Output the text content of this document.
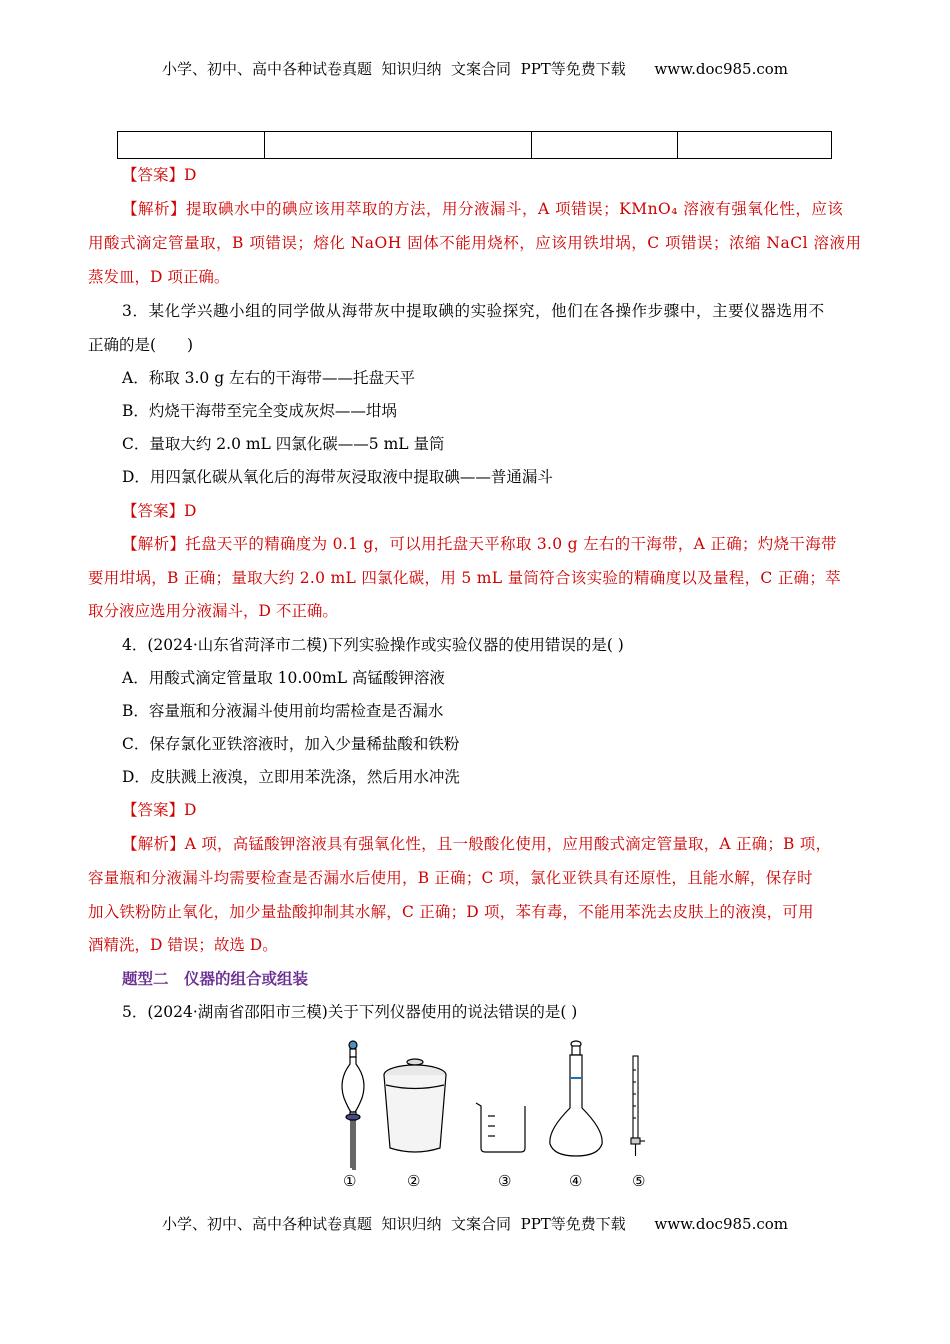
小学、初中、高中各种试卷真题  知识归纳  文案合同  PPT等免费下载 www.doc985.com

【答案】D
【解析】提取碘水中的碘应该用萃取的方法，用分液漏斗，A 项错误；KMnO₄ 溶液有强氧化性，应该
用酸式滴定管量取，B 项错误；熔化 NaOH 固体不能用烧杯，应该用铁坩埚，C 项错误；浓缩 NaCl 溶液用
蒸发皿，D 项正确。
3．某化学兴趣小组的同学做从海带灰中提取碘的实验探究，他们在各操作步骤中，主要仪器选用不
正确的是(　　)
A．称取 3.0 g 左右的干海带——托盘天平
B．灼烧干海带至完全变成灰烬——坩埚
C．量取大约 2.0 mL 四氯化碳——5 mL 量筒
D．用四氯化碳从氧化后的海带灰浸取液中提取碘——普通漏斗
【答案】D
【解析】托盘天平的精确度为 0.1 g，可以用托盘天平称取 3.0 g 左右的干海带，A 正确；灼烧干海带
要用坩埚，B 正确；量取大约 2.0 mL 四氯化碳，用 5 mL 量筒符合该实验的精确度以及量程，C 正确；萃
取分液应选用分液漏斗，D 不正确。
4．(2024·山东省菏泽市二模)下列实验操作或实验仪器的使用错误的是( )
A．用酸式滴定管量取 10.00mL 高锰酸钾溶液
B．容量瓶和分液漏斗使用前均需检查是否漏水
C．保存氯化亚铁溶液时，加入少量稀盐酸和铁粉
D．皮肤溅上液溴，立即用苯洗涤，然后用水冲洗
【答案】D
【解析】A 项，高锰酸钾溶液具有强氧化性，且一般酸化使用，应用酸式滴定管量取，A 正确；B 项，
容量瓶和分液漏斗均需要检查是否漏水后使用，B 正确；C 项，氯化亚铁具有还原性，且能水解，保存时
加入铁粉防止氧化，加少量盐酸抑制其水解，C 正确；D 项，苯有毒，不能用苯洗去皮肤上的液溴，可用
酒精洗，D 错误；故选 D。
题型二　仪器的组合或组装
5．(2024·湖南省邵阳市三模)关于下列仪器使用的说法错误的是( )
①	②	③	④	⑤
小学、初中、高中各种试卷真题  知识归纳  文案合同  PPT等免费下载 www.doc985.com
